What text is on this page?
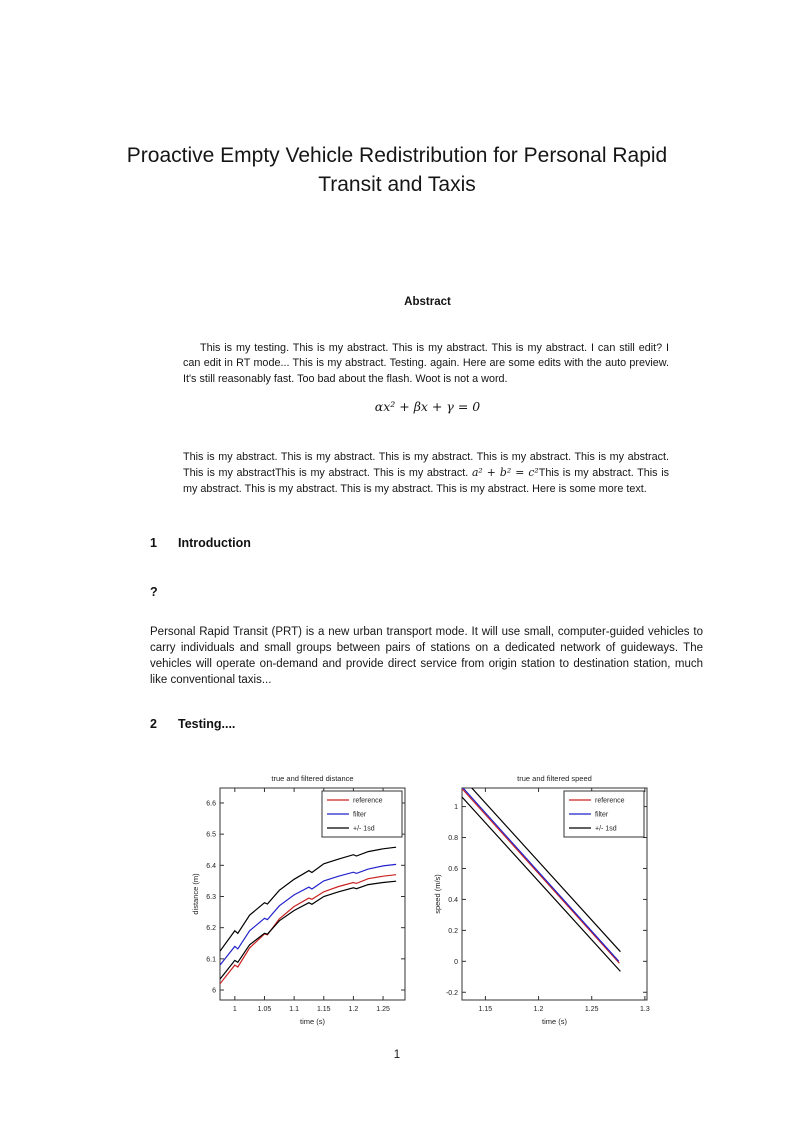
Proactive Empty Vehicle Redistribution for Personal Rapid Transit and Taxis
Abstract

This is my testing. This is my abstract. This is my abstract. This is my abstract. I can still edit? I can edit in RT mode... This is my abstract. Testing. again. Here are some edits with the auto preview. It's still reasonably fast. Too bad about the flash. Woot is not a word.

αx² + βx + γ = 0

This is my abstract. This is my abstract. This is my abstract. This is my abstract. This is my abstract. This is my abstractThis is my abstract. This is my abstract. a² + b² = c²This is my abstract. This is my abstract. This is my abstract. This is my abstract. This is my abstract. Here is some more text.

1 Introduction
?

Personal Rapid Transit (PRT) is a new urban transport mode. It will use small, computer-guided vehicles to carry individuals and small groups between pairs of stations on a dedicated network of guideways. The vehicles will operate on-demand and provide direct service from origin station to destination station, much like conventional taxis...

2 Testing....
true and filtered distance
1	1.05	1.1	1.15	1.2	1.25
6
6.1
6.2
6.3
6.4
6.5
6.6
time (s)
distance (m)
reference
filter
+/- 1sd
true and filtered speed
1.15	1.2	1.25	1.3
-0.2
0
0.2
0.4
0.6
0.8
1
time (s)
speed (m/s)
reference
filter
+/- 1sd
1
